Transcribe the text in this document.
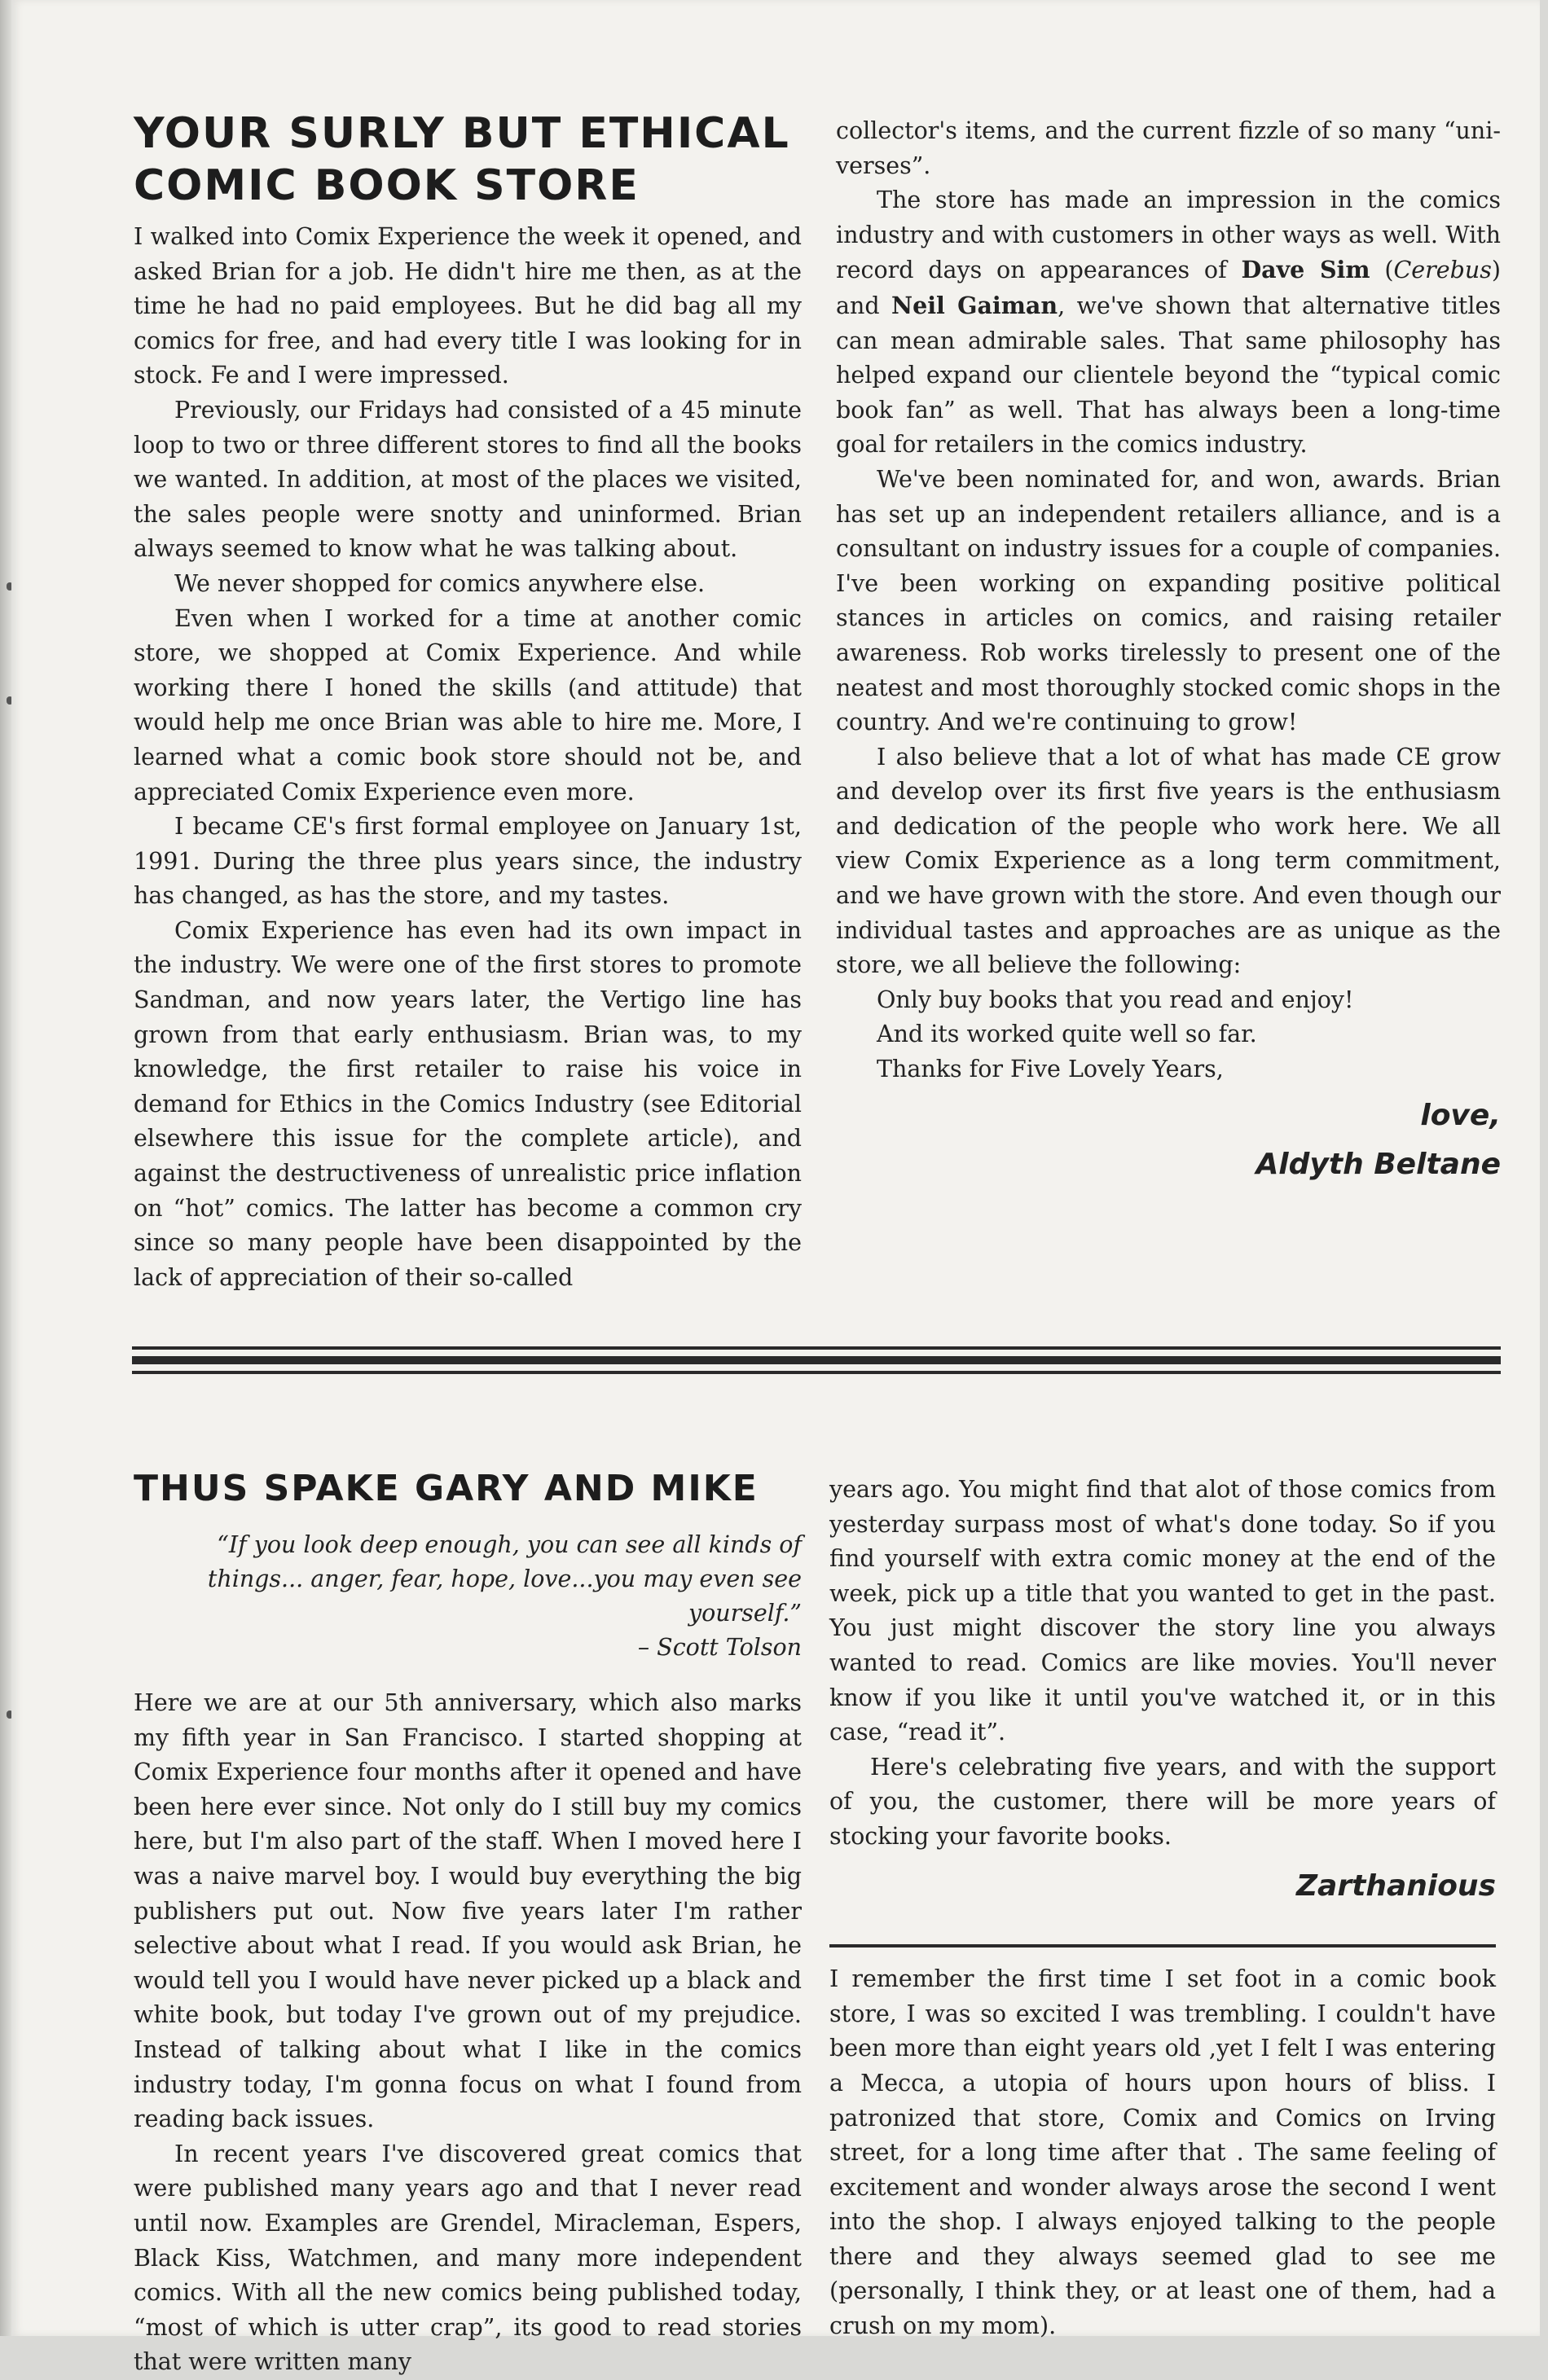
YOUR SURLY BUT ETHICAL COMIC BOOK STORE

I walked into Comix Experience the week it opened, and asked Brian for a job. He didn't hire me then, as at the time he had no paid employees. But he did bag all my comics for free, and had every title I was looking for in stock. Fe and I were impressed.

Previously, our Fridays had consisted of a 45 minute loop to two or three different stores to find all the books we wanted. In addition, at most of the places we visited, the sales people were snotty and uninformed. Brian always seemed to know what he was talking about.

We never shopped for comics anywhere else.

Even when I worked for a time at another comic store, we shopped at Comix Experience. And while working there I honed the skills (and attitude) that would help me once Brian was able to hire me. More, I learned what a comic book store should not be, and appreciated Comix Experience even more.

I became CE's first formal employee on January 1st, 1991. During the three plus years since, the industry has changed, as has the store, and my tastes.

Comix Experience has even had its own impact in the industry. We were one of the first stores to promote Sandman, and now years later, the Vertigo line has grown from that early enthusiasm. Brian was, to my knowledge, the first retailer to raise his voice in demand for Ethics in the Comics Industry (see Editorial elsewhere this issue for the complete article), and against the destructiveness of unrealistic price inflation on “hot” comics. The latter has become a common cry since so many people have been disappointed by the lack of appreciation of their so-called

collector's items, and the current fizzle of so many “uni-verses”.

The store has made an impression in the comics industry and with customers in other ways as well. With record days on appearances of Dave Sim (Cerebus) and Neil Gaiman, we've shown that alternative titles can mean admirable sales. That same philosophy has helped expand our clientele beyond the “typical comic book fan” as well. That has always been a long-time goal for retailers in the comics industry.

We've been nominated for, and won, awards. Brian has set up an independent retailers alliance, and is a consultant on industry issues for a couple of companies. I've been working on expanding positive political stances in articles on comics, and raising retailer awareness. Rob works tirelessly to present one of the neatest and most thoroughly stocked comic shops in the country. And we're continuing to grow!

I also believe that a lot of what has made CE grow and develop over its first five years is the enthusiasm and dedication of the people who work here. We all view Comix Experience as a long term commitment, and we have grown with the store. And even though our individual tastes and approaches are as unique as the store, we all believe the following:

Only buy books that you read and enjoy!

And its worked quite well so far.

Thanks for Five Lovely Years,

love,
Aldyth Beltane
THUS SPAKE GARY AND MIKE
“If you look deep enough, you can see all kinds of things... anger, fear, hope, love...you may even see yourself.”
– Scott Tolson

Here we are at our 5th anniversary, which also marks my fifth year in San Francisco. I started shopping at Comix Experience four months after it opened and have been here ever since. Not only do I still buy my comics here, but I'm also part of the staff. When I moved here I was a naive marvel boy. I would buy everything the big publishers put out. Now five years later I'm rather selective about what I read. If you would ask Brian, he would tell you I would have never picked up a black and white book, but today I've grown out of my prejudice. Instead of talking about what I like in the comics industry today, I'm gonna focus on what I found from reading back issues.

In recent years I've discovered great comics that were published many years ago and that I never read until now. Examples are Grendel, Miracleman, Espers, Black Kiss, Watchmen, and many more independent comics. With all the new comics being published today, “most of which is utter crap”, its good to read stories that were written many

years ago. You might find that alot of those comics from yesterday surpass most of what's done today. So if you find yourself with extra comic money at the end of the week, pick up a title that you wanted to get in the past. You just might discover the story line you always wanted to read. Comics are like movies. You'll never know if you like it until you've watched it, or in this case, “read it”.

Here's celebrating five years, and with the support of you, the customer, there will be more years of stocking your favorite books.

Zarthanious

I remember the first time I set foot in a comic book store, I was so excited I was trembling. I couldn't have been more than eight years old ,yet I felt I was entering a Mecca, a utopia of hours upon hours of bliss. I patronized that store, Comix and Comics on Irving street, for a long time after that . The same feeling of excitement and wonder always arose the second I went into the shop. I always enjoyed talking to the people there and they always seemed glad to see me (personally, I think they, or at least one of them, had a crush on my mom).
